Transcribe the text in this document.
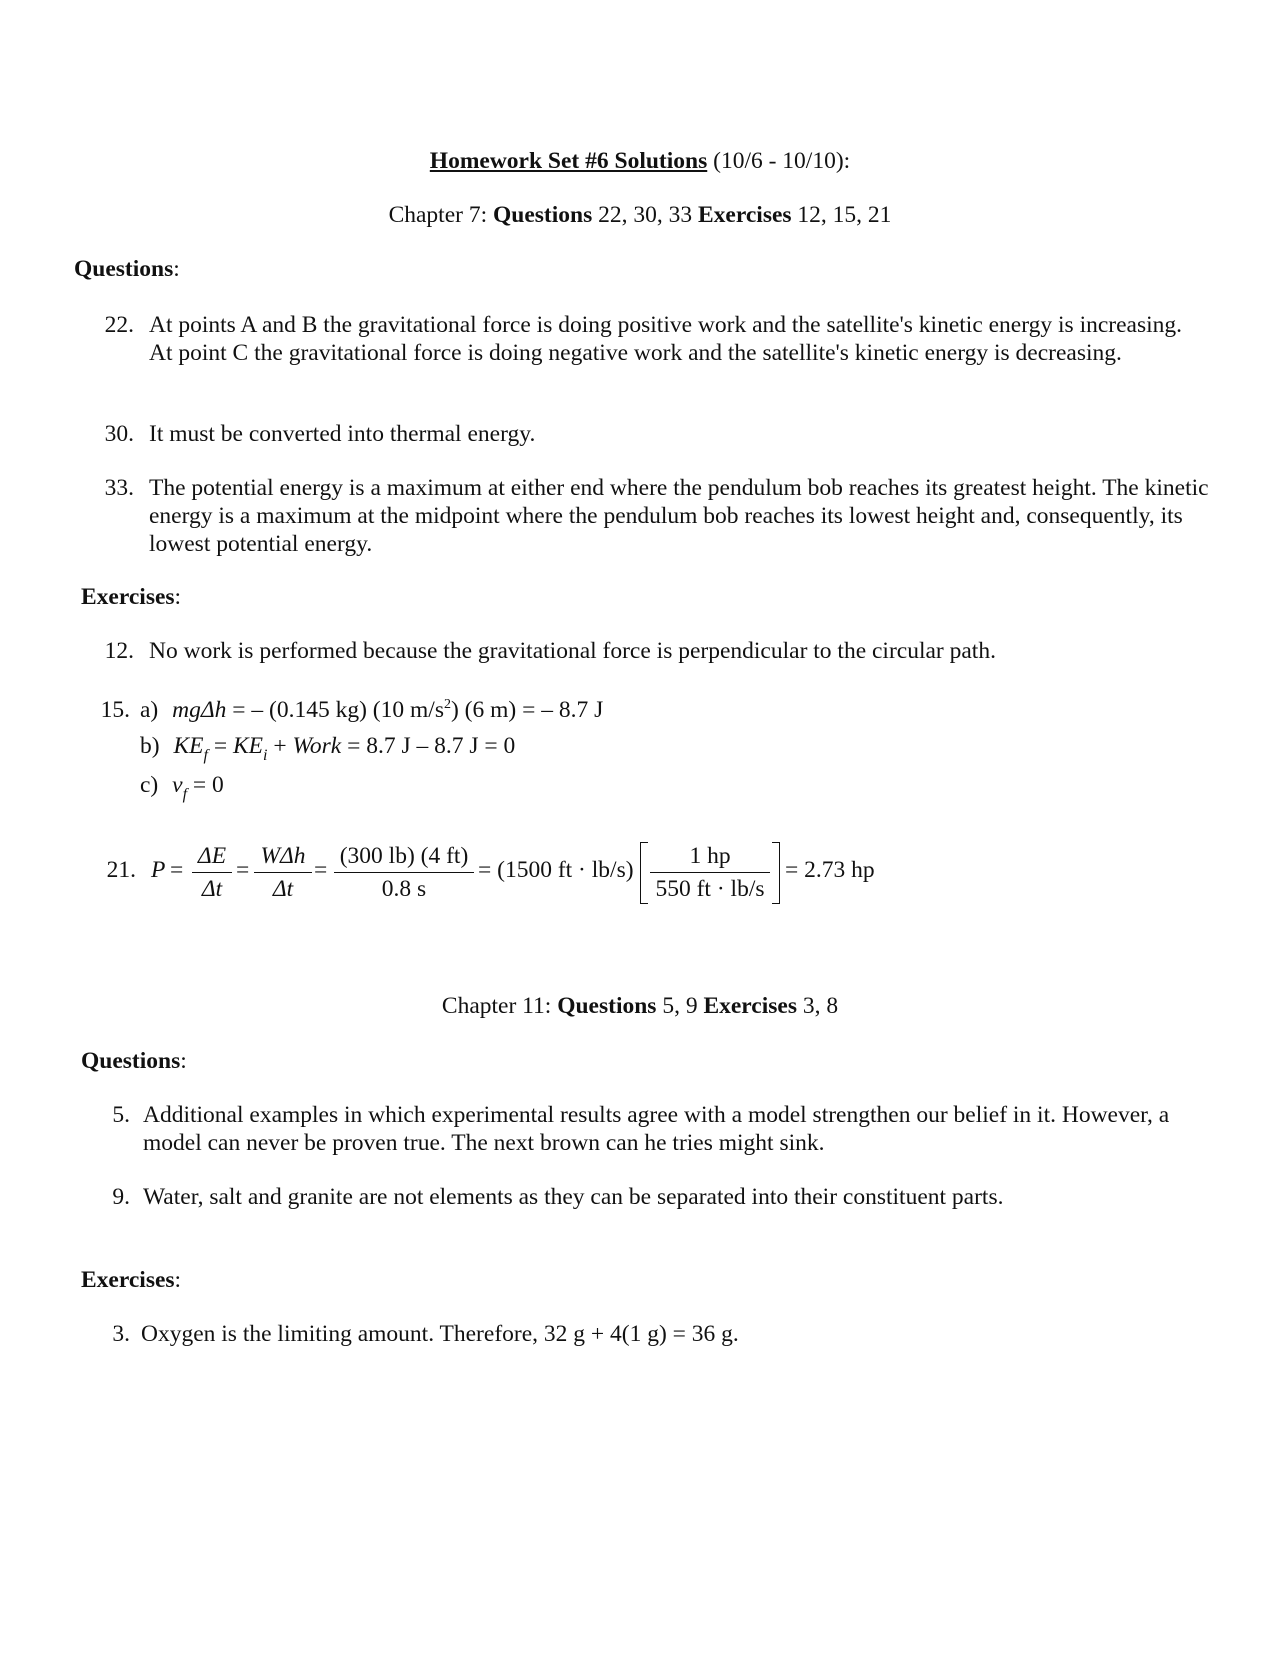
Homework Set #6 Solutions (10/6 - 10/10):
Chapter 7: Questions 22, 30, 33 Exercises 12, 15, 21
Questions:
22. At points A and B the gravitational force is doing positive work and the satellite's kinetic energy is increasing. At point C the gravitational force is doing negative work and the satellite's kinetic energy is decreasing.
30. It must be converted into thermal energy.
33. The potential energy is a maximum at either end where the pendulum bob reaches its greatest height. The kinetic energy is a maximum at the midpoint where the pendulum bob reaches its lowest height and, consequently, its lowest potential energy.
Exercises:
12. No work is performed because the gravitational force is perpendicular to the circular path.
15. a) mgΔh = – (0.145 kg) (10 $m/s^2$) (6 m) = – 8.7 J
b) $KE_f = KE_i$ + Work = 8.7 J – 8.7 J = 0
c) $v_f = 0$
21. $P = \frac{\Delta E}{\Delta t}$ =
WΔh
Δt
= $\frac{(300 lb) (4 ft)}{0.8 s} = (1500$ ft · $lb/s) \frac{1 hp}{550 ft \cdot lb/s} = 2.73$ hp
Chapter 11: Questions 5, 9 Exercises 3, 8
Questions:
5. Additional examples in which experimental results agree with a model strengthen our belief in it. However, a model can never be proven true. The next brown can he tries might sink.
9. Water, salt and granite are not elements as they can be separated into their constituent parts.
Exercises:
3. Oxygen is the limiting amount. Therefore, 32 g + 4(1 g) = 36 g.
